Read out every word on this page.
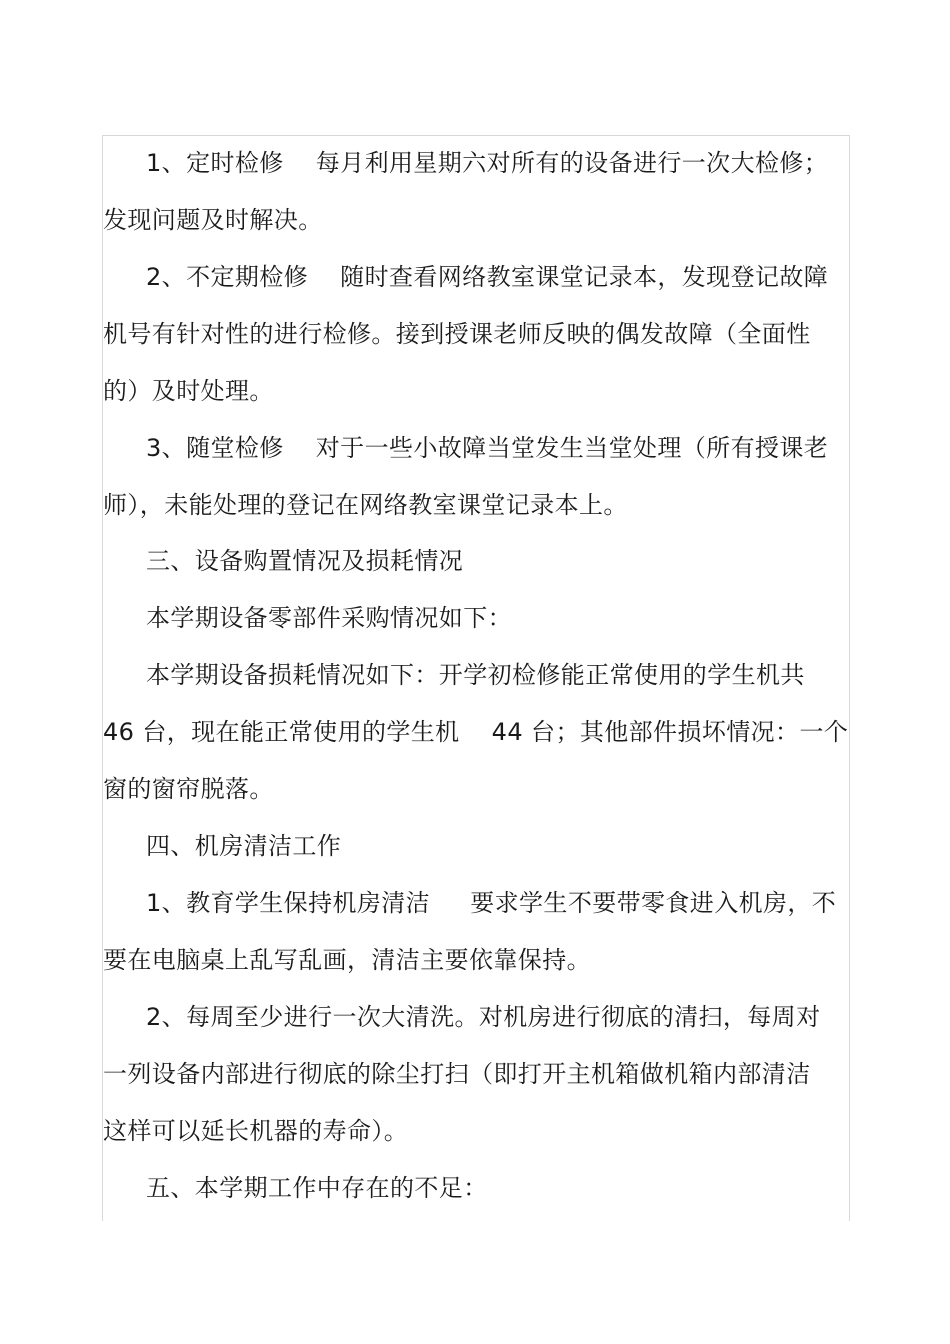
1、定时检修    每月利用星期六对所有的设备进行一次大检修；
发现问题及时解决。
2、不定期检修    随时查看网络教室课堂记录本，发现登记故障
机号有针对性的进行检修。接到授课老师反映的偶发故障（全面性
的）及时处理。
3、随堂检修    对于一些小故障当堂发生当堂处理（所有授课老
师），未能处理的登记在网络教室课堂记录本上。
三、设备购置情况及损耗情况
本学期设备零部件采购情况如下：
本学期设备损耗情况如下：开学初检修能正常使用的学生机共
46 台，现在能正常使用的学生机    44 台；其他部件损坏情况：一个
窗的窗帘脱落。
四、机房清洁工作
1、教育学生保持机房清洁     要求学生不要带零食进入机房，不
要在电脑桌上乱写乱画，清洁主要依靠保持。
2、每周至少进行一次大清洗。对机房进行彻底的清扫，每周对
一列设备内部进行彻底的除尘打扫（即打开主机箱做机箱内部清洁
这样可以延长机器的寿命）。
五、本学期工作中存在的不足：
